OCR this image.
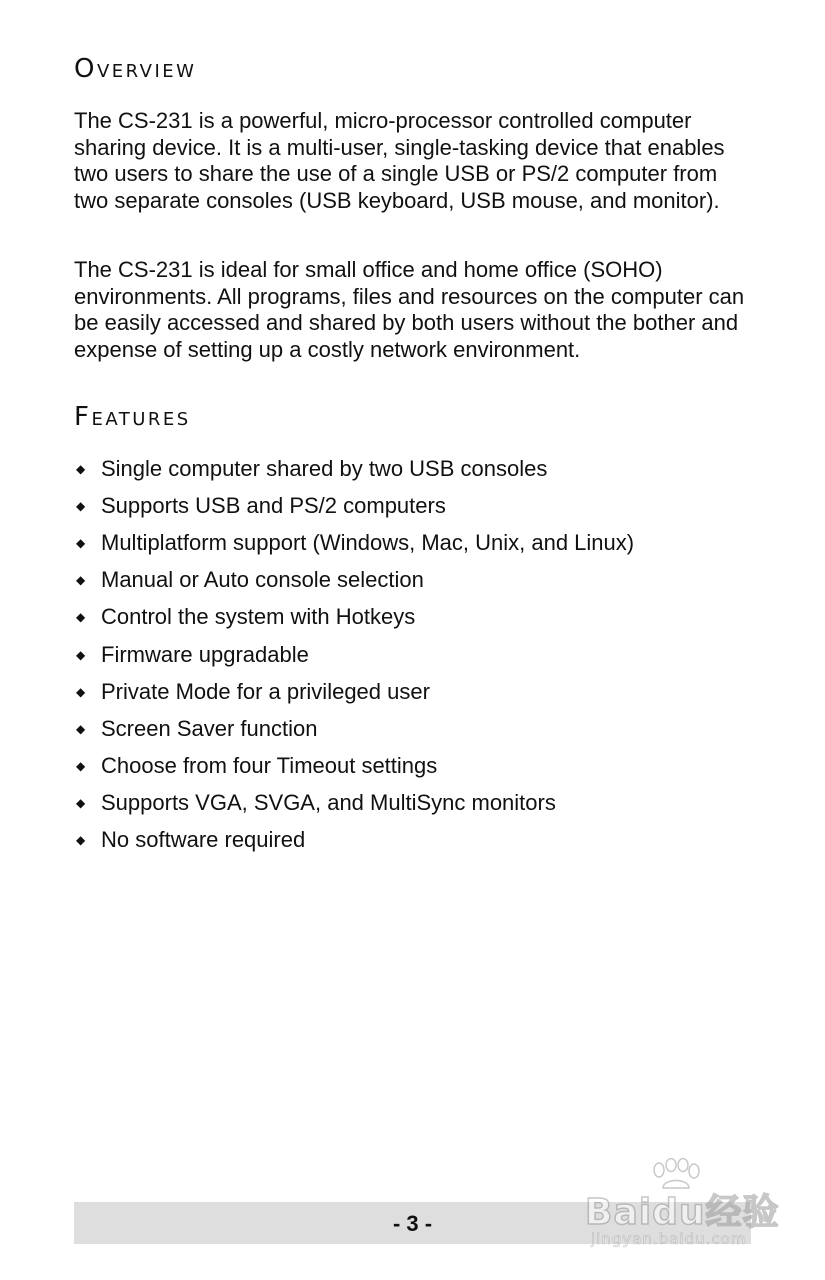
Overview

The CS-231 is a powerful, micro-processor controlled computer sharing device. It is a multi-user, single-tasking device that enables two users to share the use of a single USB or PS/2 computer from two separate consoles (USB keyboard, USB mouse, and monitor).

The CS-231 is ideal for small office and home office (SOHO) environments. All programs, files and resources on the computer can be easily accessed and shared by both users without the bother and expense of setting up a costly network environment.

Features
◆ Single computer shared by two USB consoles
◆ Supports USB and PS/2 computers
◆ Multiplatform support (Windows, Mac, Unix, and Linux)
◆ Manual or Auto console selection
◆ Control the system with Hotkeys
◆ Firmware upgradable
◆ Private Mode for a privileged user
◆ Screen Saver function
◆ Choose from four Timeout settings
◆ Supports VGA, SVGA, and MultiSync monitors
◆ No software required
- 3 -	Baidu经验
jingyan.baidu.com
